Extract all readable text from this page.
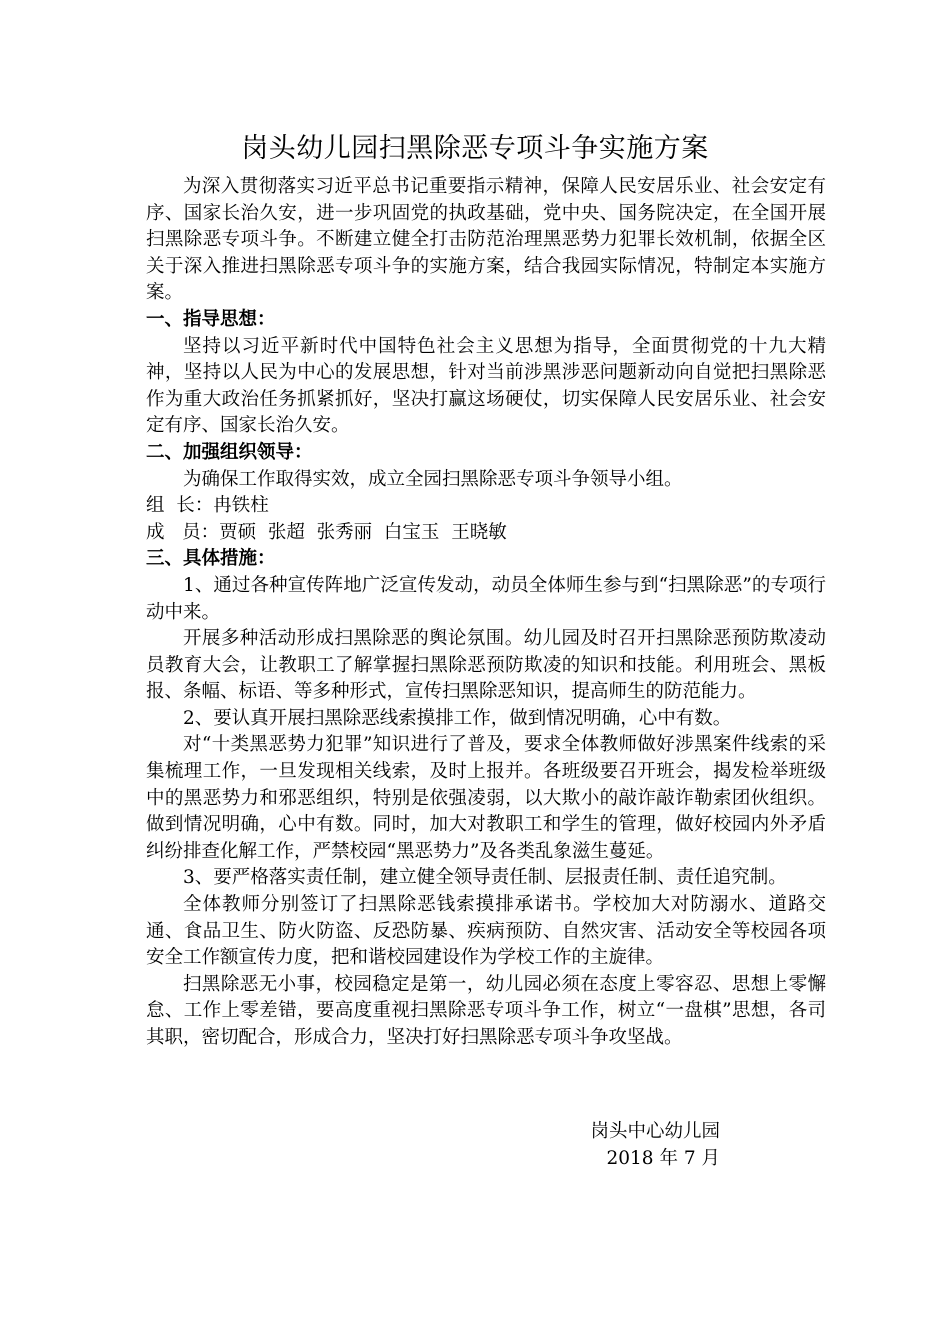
岗头幼儿园扫黑除恶专项斗争实施方案

为深入贯彻落实习近平总书记重要指示精神，保障人民安居乐业、社会安定有序、国家长治久安，进一步巩固党的执政基础，党中央、国务院决定，在全国开展扫黑除恶专项斗争。不断建立健全打击防范治理黑恶势力犯罪长效机制，依据全区关于深入推进扫黑除恶专项斗争的实施方案，结合我园实际情况，特制定本实施方案。

一、指导思想：

坚持以习近平新时代中国特色社会主义思想为指导，全面贯彻党的十九大精神，坚持以人民为中心的发展思想，针对当前涉黑涉恶问题新动向自觉把扫黑除恶作为重大政治任务抓紧抓好，坚决打赢这场硬仗，切实保障人民安居乐业、社会安定有序、国家长治久安。

二、加强组织领导：

为确保工作取得实效，成立全园扫黑除恶专项斗争领导小组。

组  长：冉铁柱

成   员：贾硕  张超  张秀丽  白宝玉  王晓敏

三、具体措施：

1、通过各种宣传阵地广泛宣传发动，动员全体师生参与到“扫黑除恶”的专项行动中来。

开展多种活动形成扫黑除恶的舆论氛围。幼儿园及时召开扫黑除恶预防欺凌动员教育大会，让教职工了解掌握扫黑除恶预防欺凌的知识和技能。利用班会、黑板报、条幅、标语、等多种形式，宣传扫黑除恶知识，提高师生的防范能力。

2、要认真开展扫黑除恶线索摸排工作，做到情况明确，心中有数。

对“十类黑恶势力犯罪”知识进行了普及，要求全体教师做好涉黑案件线索的采集梳理工作，一旦发现相关线索，及时上报并。各班级要召开班会，揭发检举班级中的黑恶势力和邪恶组织，特别是依强凌弱，以大欺小的敲诈敲诈勒索团伙组织。做到情况明确，心中有数。同时，加大对教职工和学生的管理，做好校园内外矛盾纠纷排查化解工作，严禁校园“黑恶势力”及各类乱象滋生蔓延。

3、要严格落实责任制，建立健全领导责任制、层报责任制、责任追究制。

全体教师分别签订了扫黑除恶钱索摸排承诺书。学校加大对防溺水、道路交通、食品卫生、防火防盗、反恐防暴、疾病预防、自然灾害、活动安全等校园各项安全工作额宣传力度，把和谐校园建设作为学校工作的主旋律。

扫黑除恶无小事，校园稳定是第一，幼儿园必须在态度上零容忍、思想上零懈怠、工作上零差错，要高度重视扫黑除恶专项斗争工作，树立“一盘棋”思想，各司其职，密切配合，形成合力，坚决打好扫黑除恶专项斗争攻坚战。

岗头中心幼儿园

2018 年 7 月
